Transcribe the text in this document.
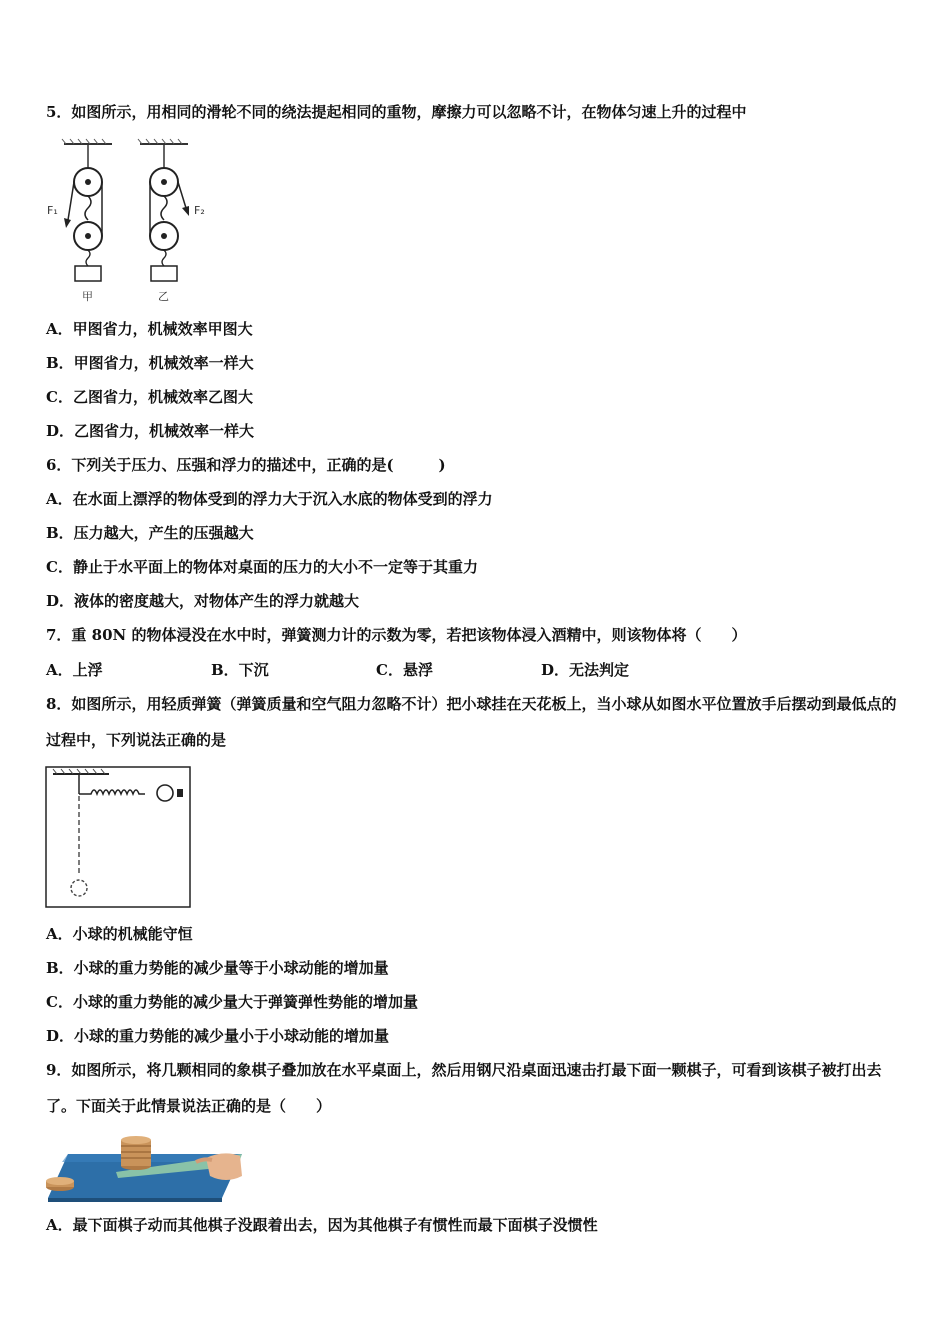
5．如图所示，用相同的滑轮不同的绕法提起相同的重物，摩擦力可以忽略不计，在物体匀速上升的过程中
F₁
甲
F₂
乙
A．甲图省力，机械效率甲图大
B．甲图省力，机械效率一样大
C．乙图省力，机械效率乙图大
D．乙图省力，机械效率一样大
6．下列关于压力、压强和浮力的描述中，正确的是(　　　)
A．在水面上漂浮的物体受到的浮力大于沉入水底的物体受到的浮力
B．压力越大，产生的压强越大
C．静止于水平面上的物体对桌面的压力的大小不一定等于其重力
D．液体的密度越大，对物体产生的浮力就越大
7．重 80N 的物体浸没在水中时，弹簧测力计的示数为零，若把该物体浸入酒精中，则该物体将（　　）
A．上浮	B．下沉	C．悬浮	D．无法判定
8．如图所示，用轻质弹簧（弹簧质量和空气阻力忽略不计）把小球挂在天花板上，当小球从如图水平位置放手后摆动到最低点的过程中，下列说法正确的是
A．小球的机械能守恒
B．小球的重力势能的减少量等于小球动能的增加量
C．小球的重力势能的减少量大于弹簧弹性势能的增加量
D．小球的重力势能的减少量小于小球动能的增加量
9．如图所示，将几颗相同的象棋子叠加放在水平桌面上，然后用钢尺沿桌面迅速击打最下面一颗棋子，可看到该棋子被打出去了。下面关于此情景说法正确的是（　　）
A．最下面棋子动而其他棋子没跟着出去，因为其他棋子有惯性而最下面棋子没惯性
